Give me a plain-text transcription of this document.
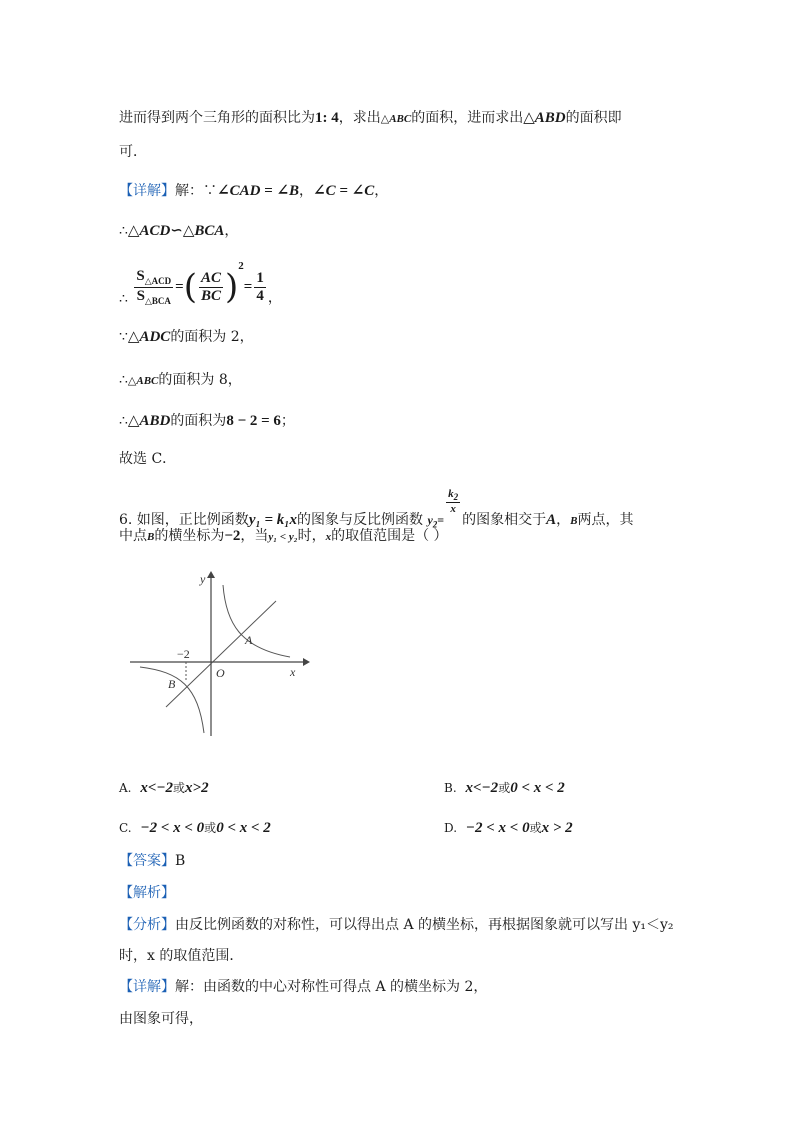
进而得到两个三角形的面积比为1: 4，求出△ABC的面积，进而求出△ABD的面积即
可．
【详解】解：∵∠CAD = ∠B，∠C = ∠C，
∴△ACD∽△BCA，
∴ $\frac{S_{\triangle ACD}}{S_{\triangle BCA}}$ =( $\frac{AC}{BC} )^2= \frac{1}{4}$ ，
∵△ADC的面积为 2，
∴△ABC的面积为 8，
∴△ABD的面积为8 − 2 = 6；
故选 C．
6. 如图，正比例函数y₁ = k₁x的图象与反比例函数 $y_2=$
$\frac{k_2}{x}$
的图象相交于A，B两点，其
中点B的横坐标为−2，当y₁ < y₂时，x的取值范围是（ ）
y
x
O
A
B
−2
A. x<−2或x>2	B. x<−2或0 < x < 2
C. −2 < x < 0或0 < x < 2	D. −2 < x < 0或x > 2
【答案】B
【解析】
【分析】由反比例函数的对称性，可以得出点 A 的横坐标，再根据图象就可以写出 y₁＜y₂
时，x 的取值范围．
【详解】解：由函数的中心对称性可得点 A 的横坐标为 2，
由图象可得，
